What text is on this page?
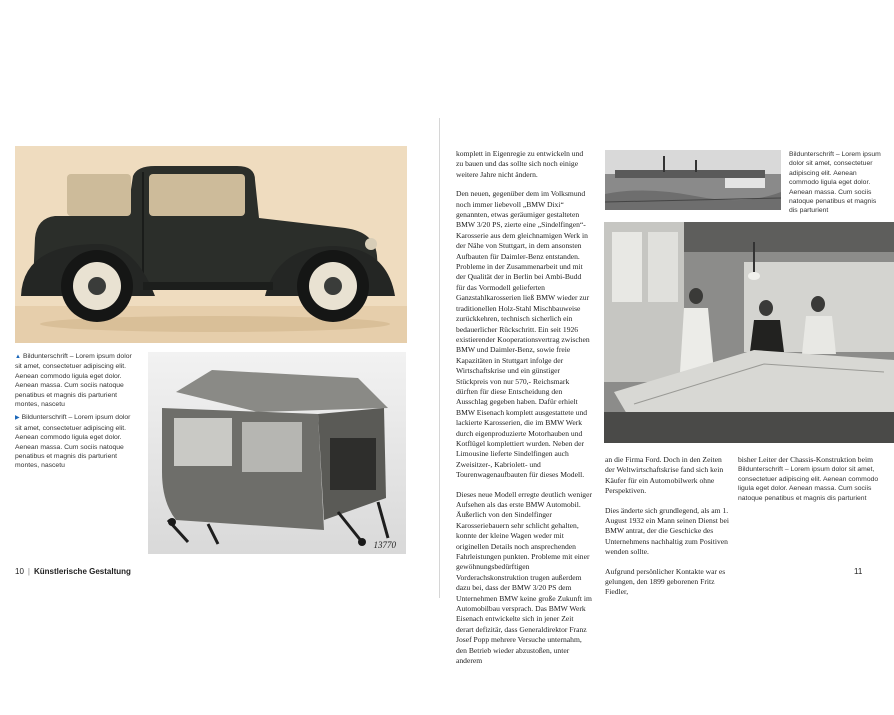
▲ Bildunterschrift – Lorem ipsum dolor sit amet, consectetuer adipiscing elit. Aenean commodo ligula eget dolor. Aenean massa. Cum sociis natoque penatibus et magnis dis parturient montes, nascetu

▶ Bildunterschrift – Lorem ipsum dolor sit amet, consectetuer adipiscing elit. Aenean commodo ligula eget dolor. Aenean massa. Cum sociis natoque penatibus et magnis dis parturient montes, nascetu

13770
10 | Künstlerische Gestaltung

komplett in Eigenregie zu entwickeln und zu bauen und das sollte sich noch einige weitere Jahre nicht ändern.

Den neuen, gegenüber dem im Volksmund noch immer liebevoll „BMW Dixi“ genannten, etwas geräumiger gestalteten BMW 3/20 PS, zierte eine „Sindelfingen“-Karosserie aus dem gleichnamigen Werk in der Nähe von Stuttgart, in dem ansonsten Aufbauten für Daimler-Benz entstanden. Probleme in der Zusammenarbeit und mit der Qualität der in Berlin bei Ambi-Budd für das Vormodell gelieferten Ganzstahlkarosserien ließ BMW wieder zur traditionellen Holz-Stahl Mischbauweise zurückkehren, technisch sicherlich ein bedauerlicher Rückschritt. Ein seit 1926 existierender Kooperationsvertrag zwischen BMW und Daimler-Benz, sowie freie Kapazitäten in Stuttgart infolge der Wirtschaftskrise und ein günstiger Stückpreis von nur 570,- Reichsmark dürften für diese Entscheidung den Ausschlag gegeben haben. Dafür erhielt BMW Eisenach komplett ausgestattete und lackierte Karosserien, die im BMW Werk durch eigenproduzierte Motorhauben und Kotflügel komplettiert wurden. Neben der Limousine lieferte Sindelfingen auch Zweisitzer-, Kabriolett- und Tourenwagenaufbauten für dieses Modell.

Dieses neue Modell erregte deutlich weniger Aufsehen als das erste BMW Automobil. Äußerlich von den Sindelfinger Karosseriebauern sehr schlicht gehalten, konnte der kleine Wagen weder mit originellen Details noch ansprechenden Fahrleistungen punkten. Probleme mit einer gewöhnungsbedürftigen Vorderachskonstruktion trugen außerdem dazu bei, dass der BMW 3/20 PS dem Unternehmen BMW keine große Zukunft im Automobilbau versprach. Das BMW Werk Eisenach entwickelte sich in jener Zeit derart defizitär, dass Generaldirektor Franz Josef Popp mehrere Versuche unternahm, den Betrieb wieder abzustoßen, unter anderem

Bildunterschrift – Lorem ipsum dolor sit amet, consectetuer adipiscing elit. Aenean commodo ligula eget dolor. Aenean massa. Cum sociis natoque penatibus et magnis dis parturient

an die Firma Ford. Doch in den Zeiten der Weltwirtschaftskrise fand sich kein Käufer für ein Automobilwerk ohne Perspektiven.

Dies änderte sich grundlegend, als am 1. August 1932 ein Mann seinen Dienst bei BMW antrat, der die Geschicke des Unternehmens nachhaltig zum Positiven wenden sollte.

Aufgrund persönlicher Kontakte war es gelungen, den 1899 geborenen Fritz Fiedler,

bisher Leiter der Chassis-Konstruktion beim
Bildunterschrift – Lorem ipsum dolor sit amet, consectetuer adipiscing elit. Aenean commodo ligula eget dolor. Aenean massa. Cum sociis natoque penatibus et magnis dis parturient
11
